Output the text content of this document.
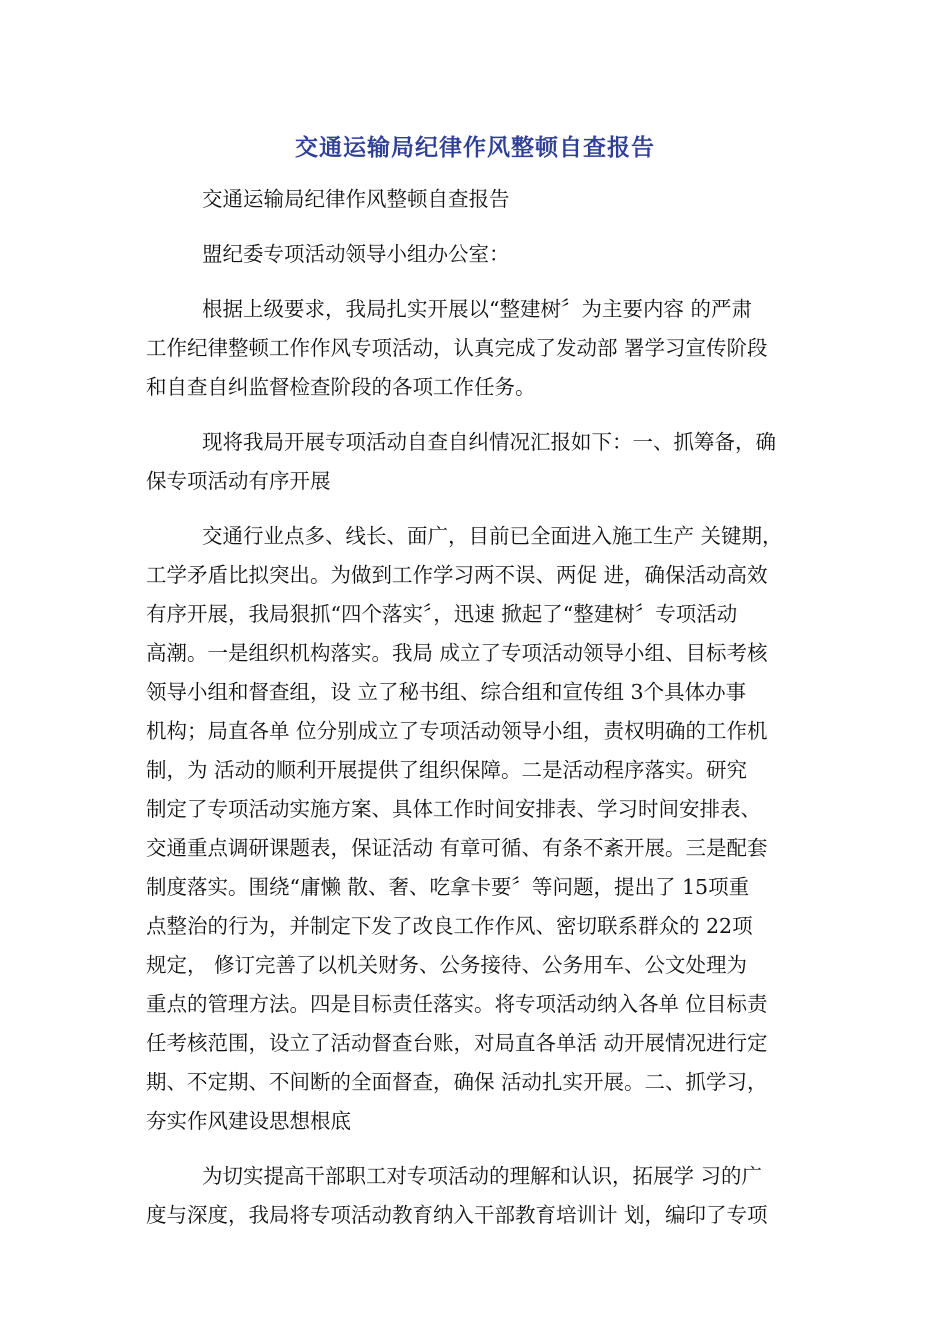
交通运输局纪律作风整顿自查报告
交通运输局纪律作风整顿自查报告
盟纪委专项活动领导小组办公室：
根据上级要求，我局扎实开展以“整建树〞为主要内容 的严肃
工作纪律整顿工作作风专项活动，认真完成了发动部 署学习宣传阶段
和自查自纠监督检查阶段的各项工作任务。
现将我局开展专项活动自查自纠情况汇报如下：一、抓筹备，确
保专项活动有序开展
交通行业点多、线长、面广，目前已全面进入施工生产 关键期，
工学矛盾比拟突出。为做到工作学习两不误、两促 进，确保活动高效
有序开展，我局狠抓“四个落实〞，迅速 掀起了“整建树〞专项活动
高潮。一是组织机构落实。我局 成立了专项活动领导小组、目标考核
领导小组和督查组，设 立了秘书组、综合组和宣传组 3个具体办事
机构；局直各单 位分别成立了专项活动领导小组，责权明确的工作机
制，为 活动的顺利开展提供了组织保障。二是活动程序落实。研究
制定了专项活动实施方案、具体工作时间安排表、学习时间安排表、
交通重点调研课题表，保证活动 有章可循、有条不紊开展。三是配套
制度落实。围绕“庸懒 散、奢、吃拿卡要〞等问题，提出了 15项重
点整治的行为，并制定下发了改良工作作风、密切联系群众的 22项
规定， 修订完善了以机关财务、公务接待、公务用车、公文处理为
重点的管理方法。四是目标责任落实。将专项活动纳入各单 位目标责
任考核范围，设立了活动督查台账，对局直各单活 动开展情况进行定
期、不定期、不间断的全面督查，确保 活动扎实开展。二、抓学习，
夯实作风建设思想根底
为切实提高干部职工对专项活动的理解和认识，拓展学 习的广
度与深度，我局将专项活动教育纳入干部教育培训计 划，编印了专项
